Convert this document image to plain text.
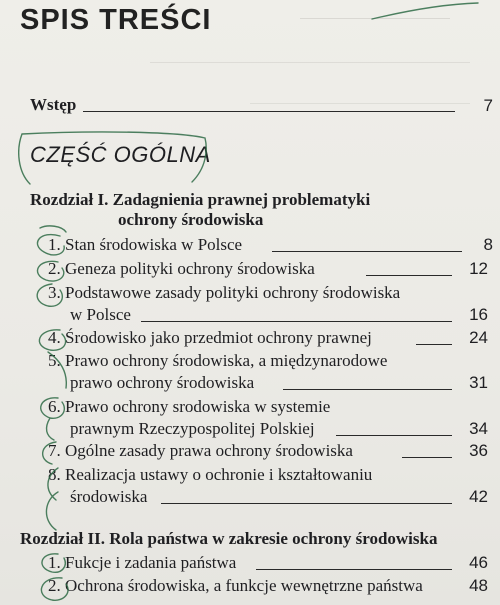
SPIS TREŚCI
Wstęp	7
CZĘŚĆ OGÓLNA
Rozdział I. Zadagnienia prawnej problematyki
ochrony środowiska
1. Stan środowiska w Polsce	8
2. Geneza polityki ochrony środowiska	12
3. Podstawowe zasady polityki ochrony środowiska
w Polsce	16
4. Środowisko jako przedmiot ochrony prawnej	24
5. Prawo ochrony środowiska, a międzynarodowe
prawo ochrony środowiska	31
6. Prawo ochrony srodowiska w systemie
prawnym Rzeczypospolitej Polskiej	34
7. Ogólne zasady prawa ochrony środowiska	36
8. Realizacja ustawy o ochronie i kształtowaniu
środowiska	42
Rozdział II. Rola państwa w zakresie ochrony środowiska
1. Fukcje i zadania państwa	46
2. Ochrona środowiska, a funkcje wewnętrzne państwa	48
